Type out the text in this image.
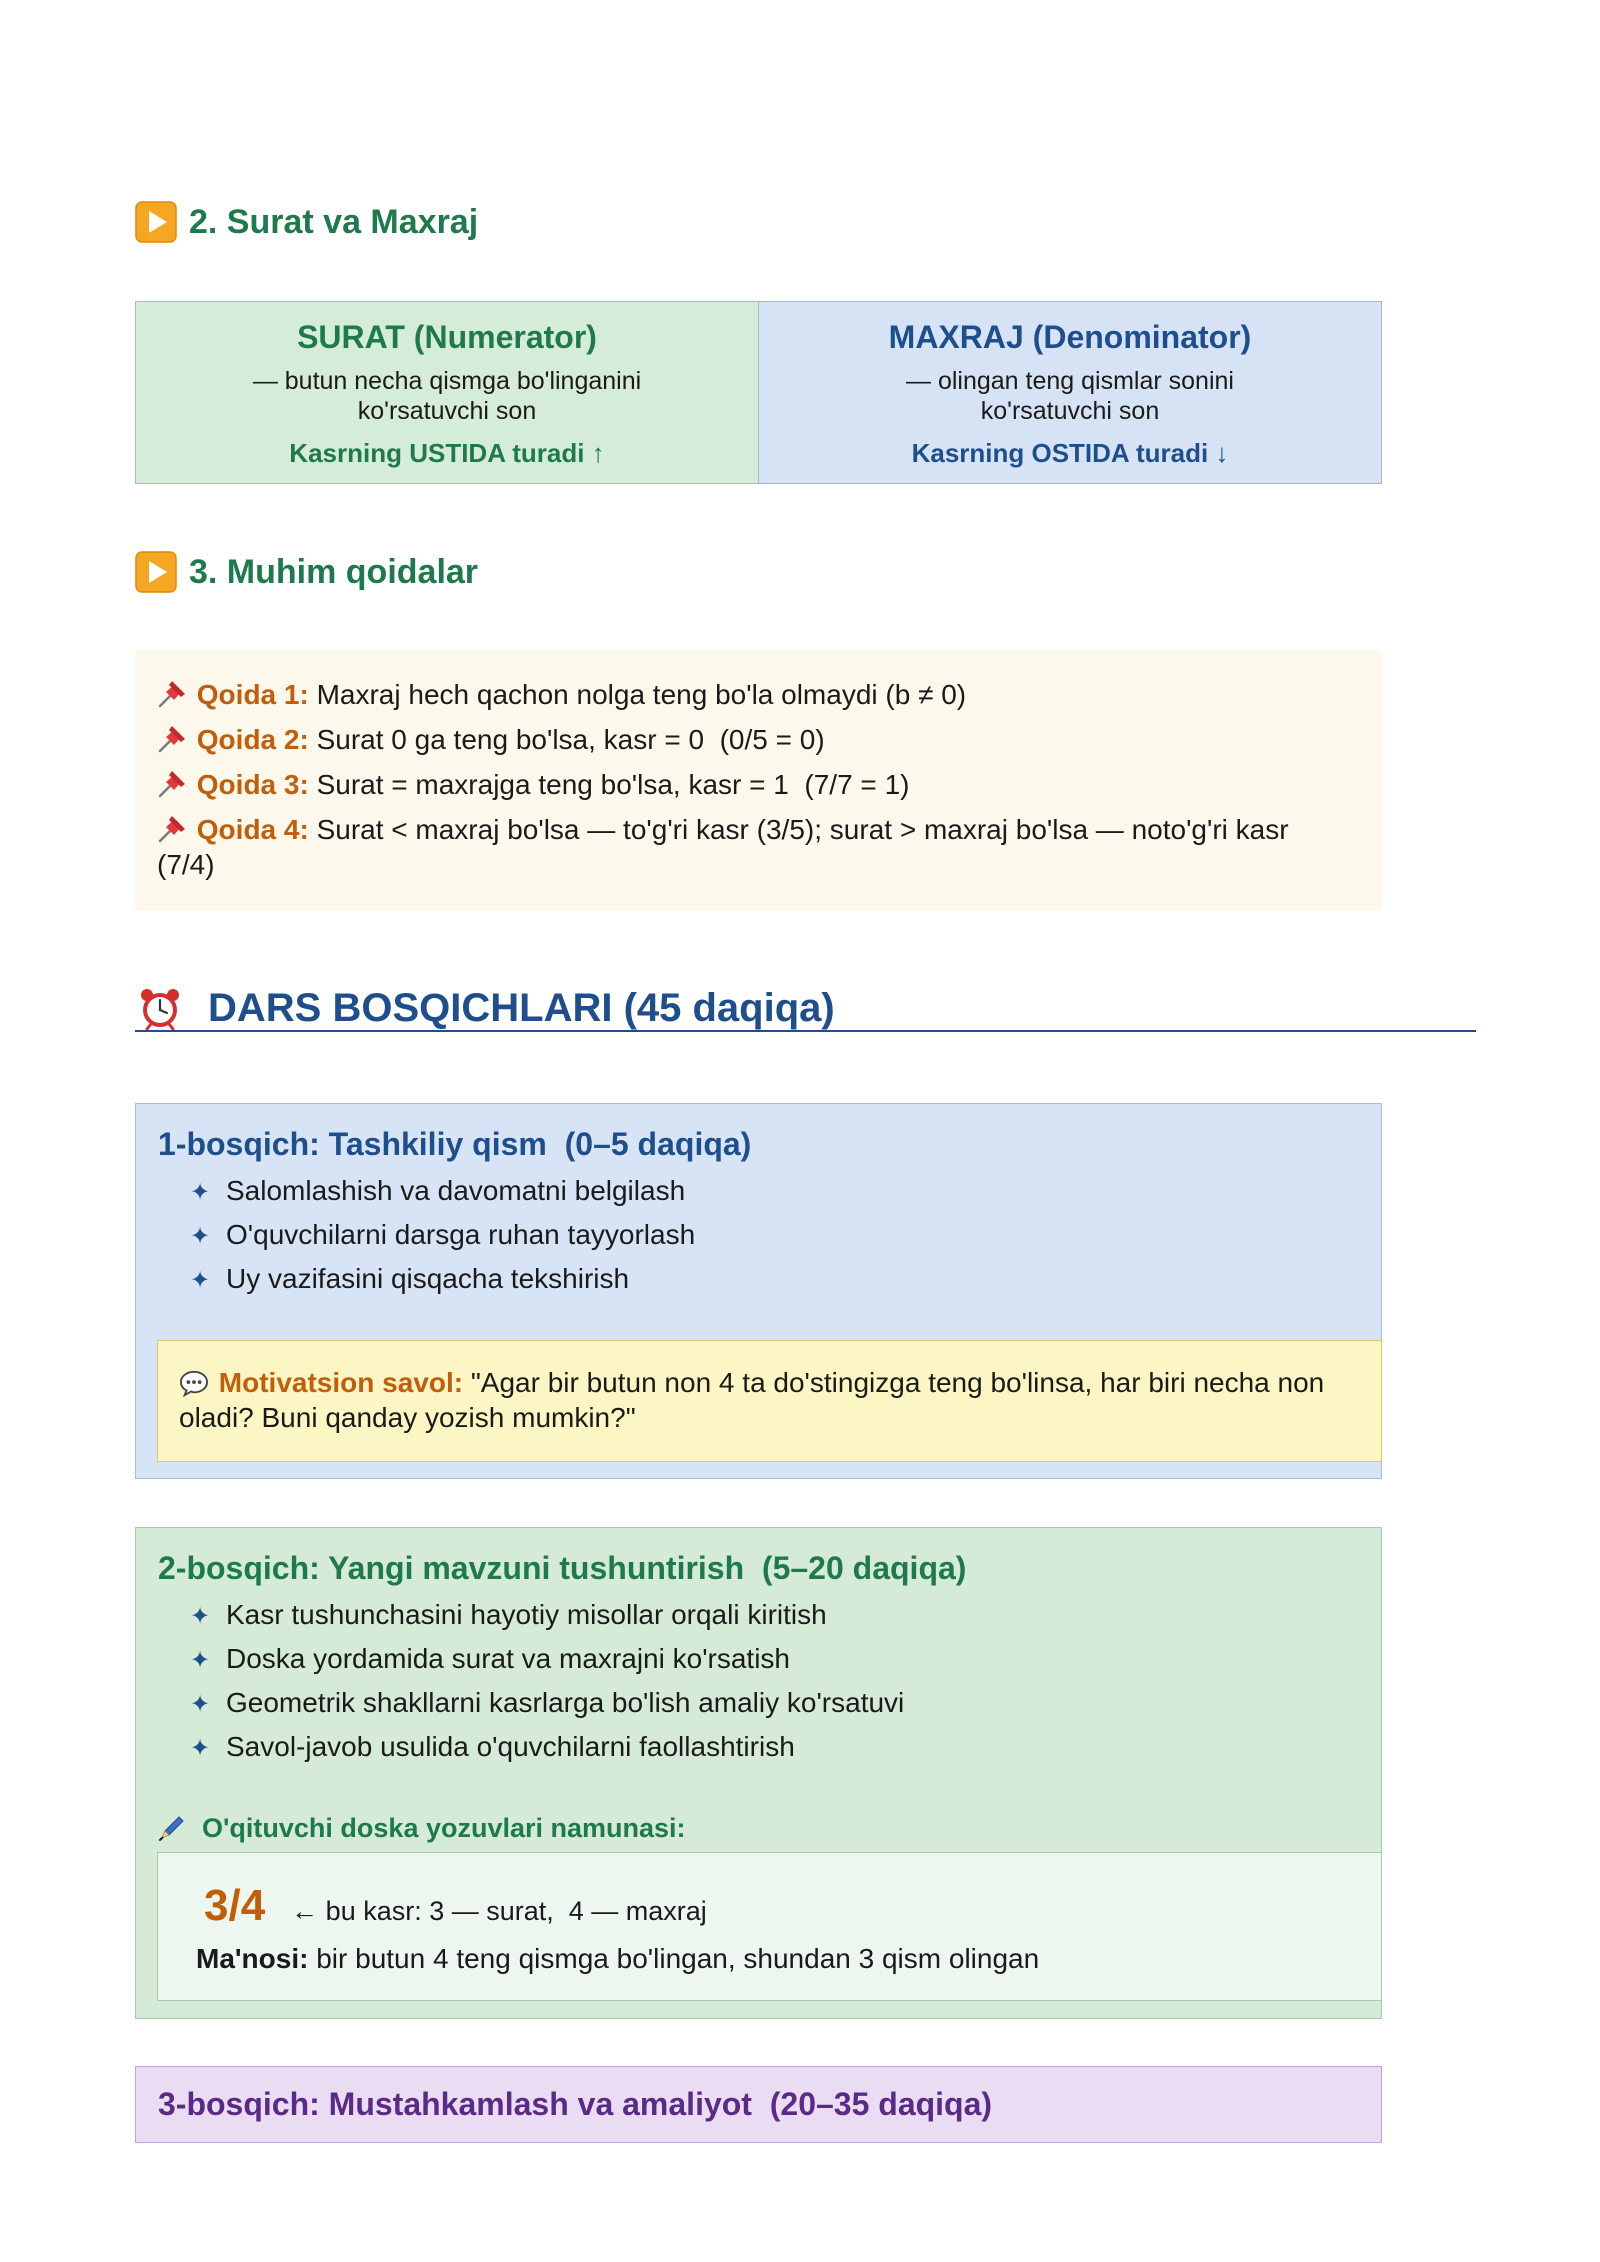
2. Surat va Maxraj
SURAT (Numerator)
— butun necha qismga bo'linganini ko'rsatuvchi son
Kasrning USTIDA turadi ↑
MAXRAJ (Denominator)
— olingan teng qismlar sonini ko'rsatuvchi son
Kasrning OSTIDA turadi ↓
3. Muhim qoidalar

Qoida 1: Maxraj hech qachon nolga teng bo'la olmaydi (b ≠ 0)

Qoida 2: Surat 0 ga teng bo'lsa, kasr = 0  (0/5 = 0)

Qoida 3: Surat = maxrajga teng bo'lsa, kasr = 1  (7/7 = 1)

Qoida 4: Surat < maxraj bo'lsa — to'g'ri kasr (3/5); surat > maxraj bo'lsa — noto'g'ri kasr (7/4)

DARS BOSQICHLARI (45 daqiqa)
1-bosqich: Tashkiliy qism  (0–5 daqiqa)
✦ Salomlashish va davomatni belgilash
✦ O'quvchilarni darsga ruhan tayyorlash
✦ Uy vazifasini qisqacha tekshirish
Motivatsion savol: "Agar bir butun non 4 ta do'stingizga teng bo'linsa, har biri necha non oladi? Buni qanday yozish mumkin?"
2-bosqich: Yangi mavzuni tushuntirish  (5–20 daqiqa)
✦ Kasr tushunchasini hayotiy misollar orqali kiritish
✦ Doska yordamida surat va maxrajni ko'rsatish
✦ Geometrik shakllarni kasrlarga bo'lish amaliy ko'rsatuvi
✦ Savol-javob usulida o'quvchilarni faollashtirish
O'qituvchi doska yozuvlari namunasi:
3/4 ← bu kasr: 3 — surat,  4 — maxraj
Ma'nosi: bir butun 4 teng qismga bo'lingan, shundan 3 qism olingan
3-bosqich: Mustahkamlash va amaliyot  (20–35 daqiqa)
